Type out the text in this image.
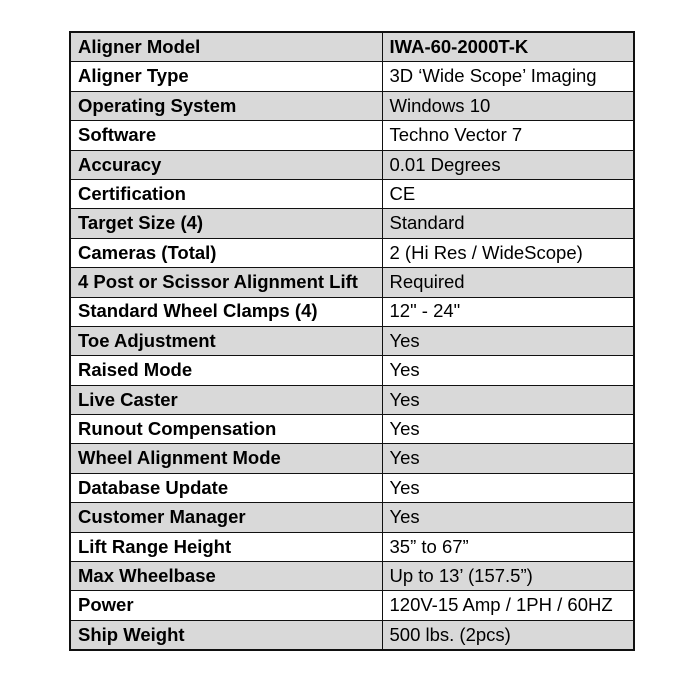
Aligner Model	IWA-60-2000T-K
Aligner Type	3D ‘Wide Scope’ Imaging
Operating System	Windows 10
Software	Techno Vector 7
Accuracy	0.01 Degrees
Certification	CE
Target Size (4)	Standard
Cameras (Total)	2 (Hi Res / WideScope)
4 Post or Scissor Alignment Lift	Required
Standard Wheel Clamps (4)	12" - 24"
Toe Adjustment	Yes
Raised Mode	Yes
Live Caster	Yes
Runout Compensation	Yes
Wheel Alignment Mode	Yes
Database Update	Yes
Customer Manager	Yes
Lift Range Height	35” to 67”
Max Wheelbase	Up to 13’ (157.5”)
Power	120V-15 Amp / 1PH / 60HZ
Ship Weight	500 lbs. (2pcs)
